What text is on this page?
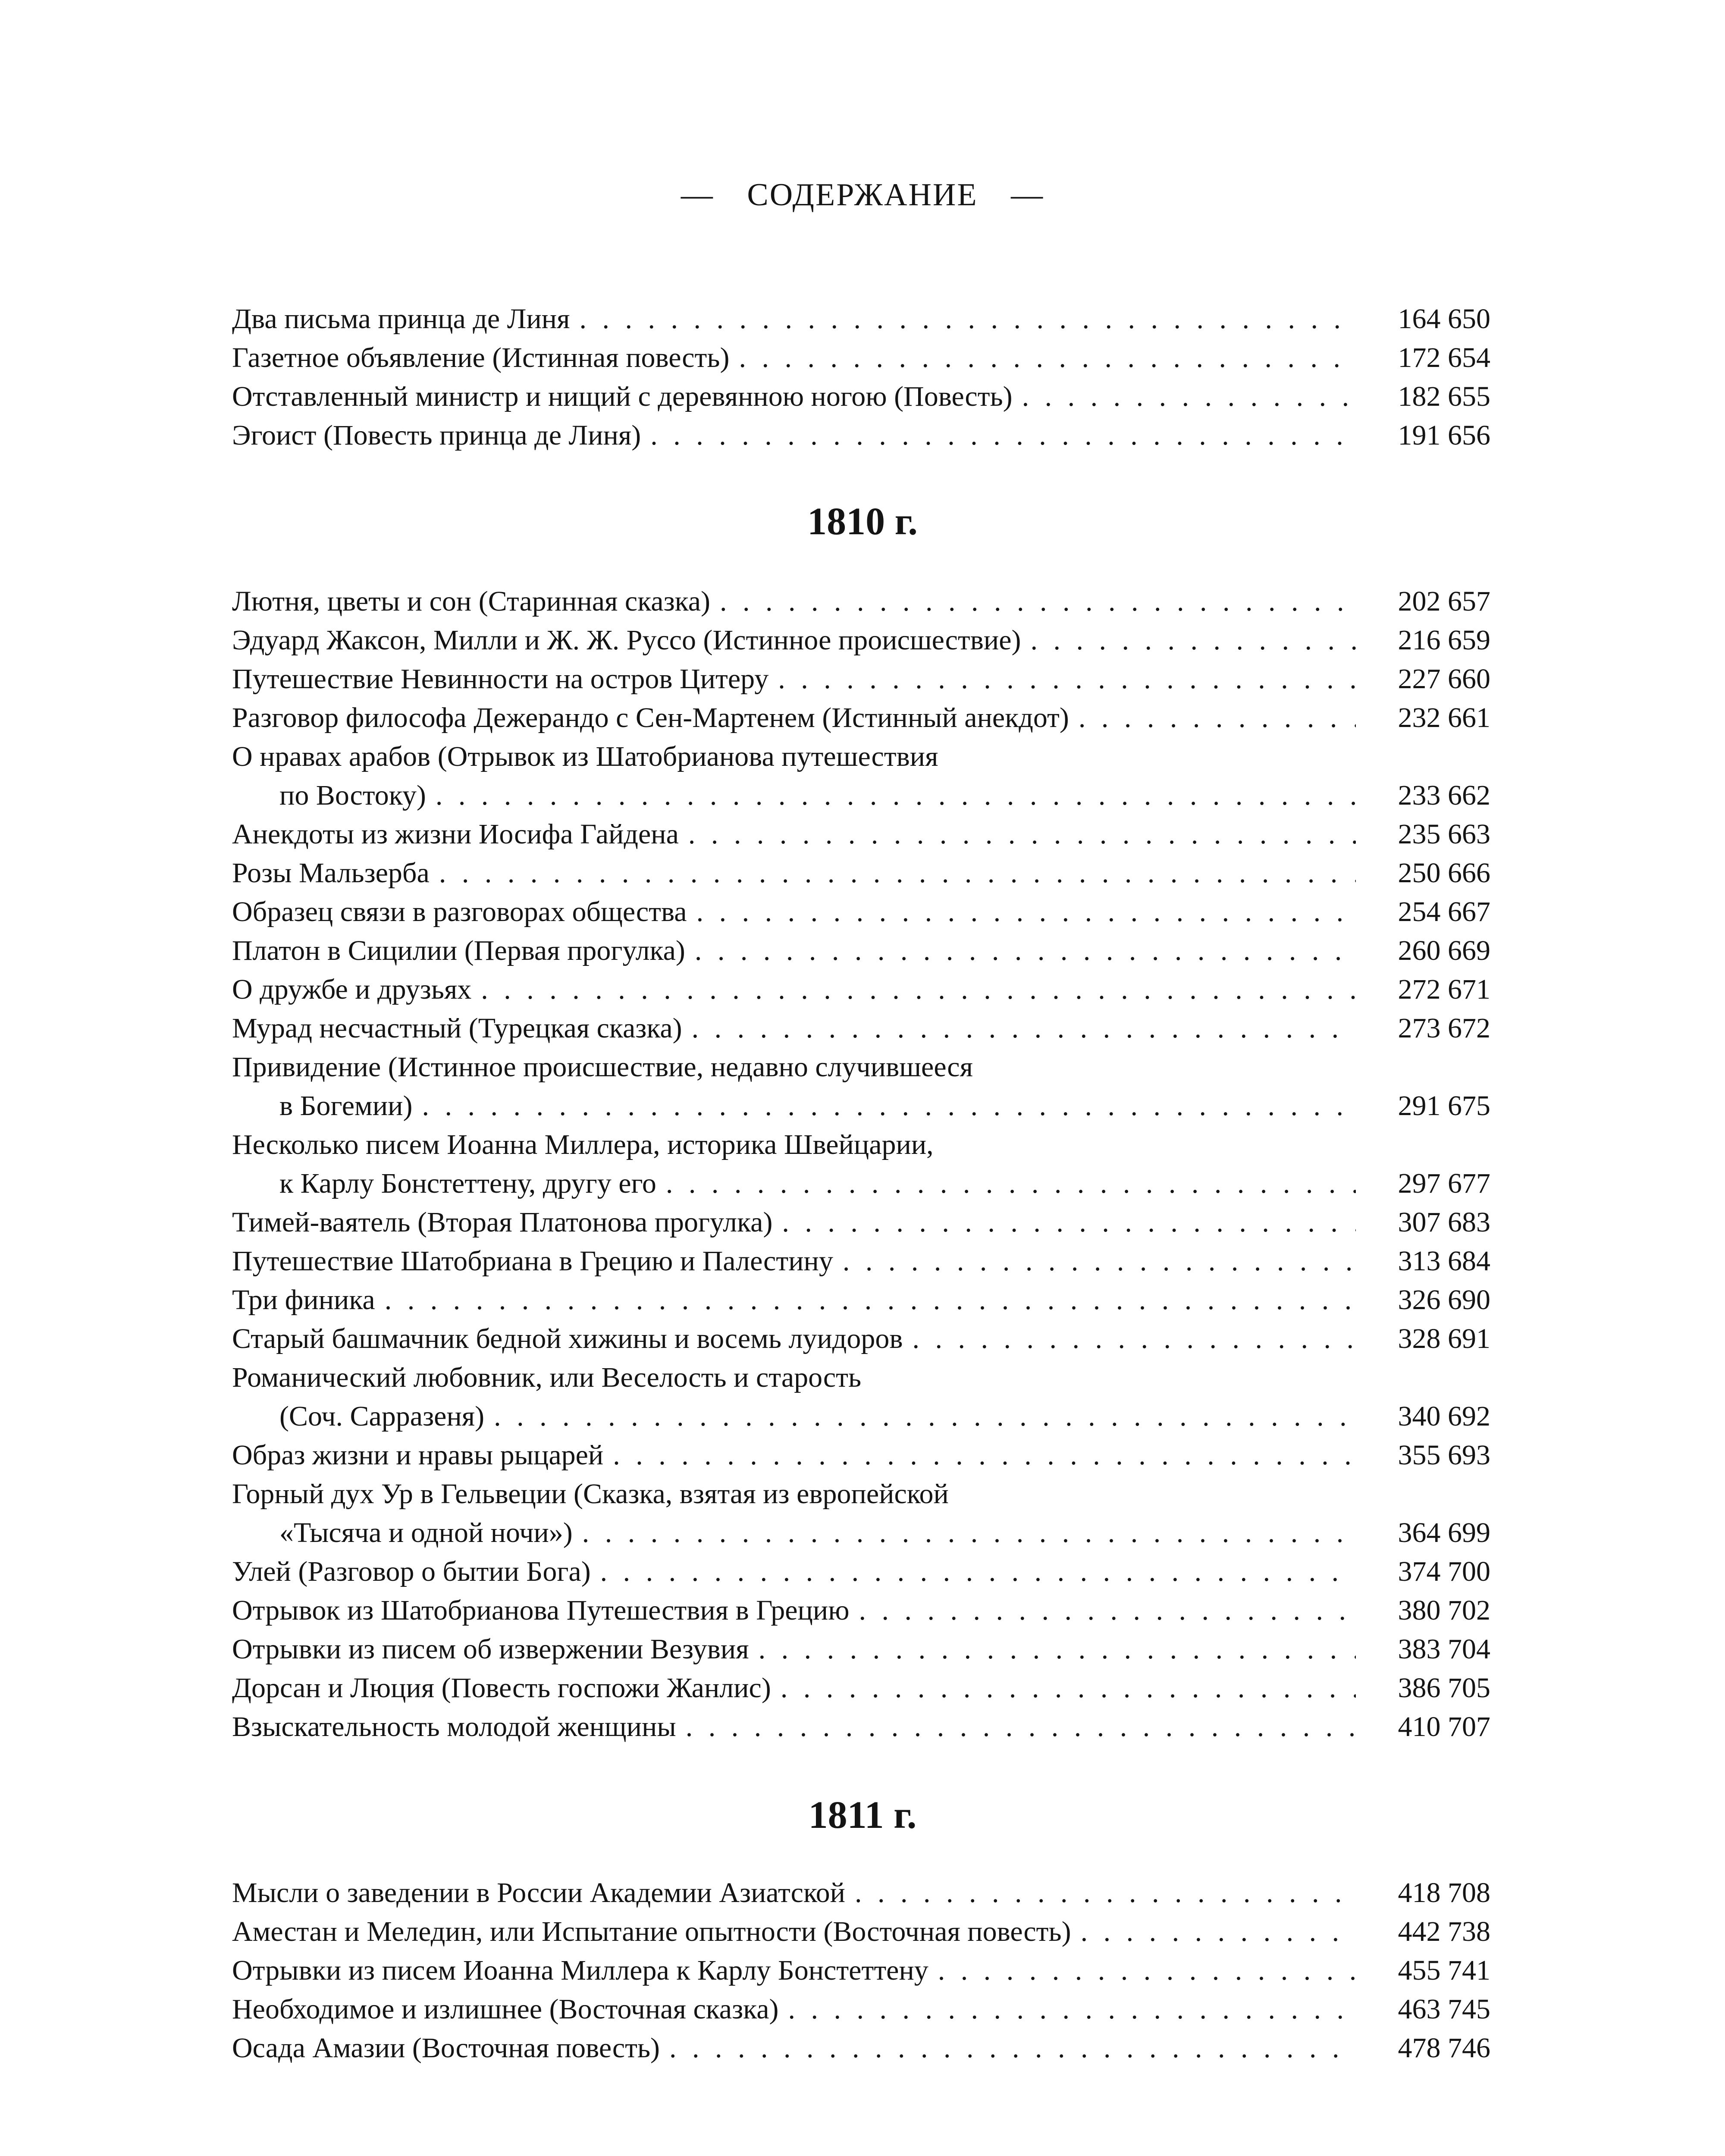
— СОДЕРЖАНИЕ —
Два письма принца де Линя . . .	164 650
Газетное объявление (Истинная повесть) . . .	172 654
Отставленный министр и нищий с деревянною ногою (Повесть) . . .	182 655
Эгоист (Повесть принца де Линя) . . .	191 656
1810 г.
Лютня, цветы и сон (Старинная сказка) . . .	202 657
Эдуард Жаксон, Милли и Ж. Ж. Руссо (Истинное происшествие) . . .	216 659
Путешествие Невинности на остров Цитеру . . .	227 660
Разговор философа Дежерандо с Сен-Мартенем (Истинный анекдот) . . .	232 661
О нравах арабов (Отрывок из Шатобрианова путешествия
по Востоку) . . .	233 662
Анекдоты из жизни Иосифа Гайдена . . .	235 663
Розы Мальзерба . . .	250 666
Образец связи в разговорах общества . . .	254 667
Платон в Сицилии (Первая прогулка) . . .	260 669
О дружбе и друзьях . . .	272 671
Мурад несчастный (Турецкая сказка) . . .	273 672
Привидение (Истинное происшествие, недавно случившееся
в Богемии) . . .	291 675
Несколько писем Иоанна Миллера, историка Швейцарии,
к Карлу Бонстеттену, другу его . . .	297 677
Тимей-ваятель (Вторая Платонова прогулка) . . .	307 683
Путешествие Шатобриана в Грецию и Палестину . . .	313 684
Три финика . . .	326 690
Старый башмачник бедной хижины и восемь луидоров . . .	328 691
Романический любовник, или Веселость и старость
(Соч. Сарразеня) . . .	340 692
Образ жизни и нравы рыцарей . . .	355 693
Горный дух Ур в Гельвеции (Сказка, взятая из европейской
«Тысяча и одной ночи») . . .	364 699
Улей (Разговор о бытии Бога) . . .	374 700
Отрывок из Шатобрианова Путешествия в Грецию . . .	380 702
Отрывки из писем об извержении Везувия . . .	383 704
Дорсан и Люция (Повесть госпожи Жанлис) . . .	386 705
Взыскательность молодой женщины . . .	410 707
1811 г.
Мысли о заведении в России Академии Азиатской . . .	418 708
Аместан и Меледин, или Испытание опытности (Восточная повесть) . . .	442 738
Отрывки из писем Иоанна Миллера к Карлу Бонстеттену . . .	455 741
Необходимое и излишнее (Восточная сказка) . . .	463 745
Осада Амазии (Восточная повесть) . . .	478 746
